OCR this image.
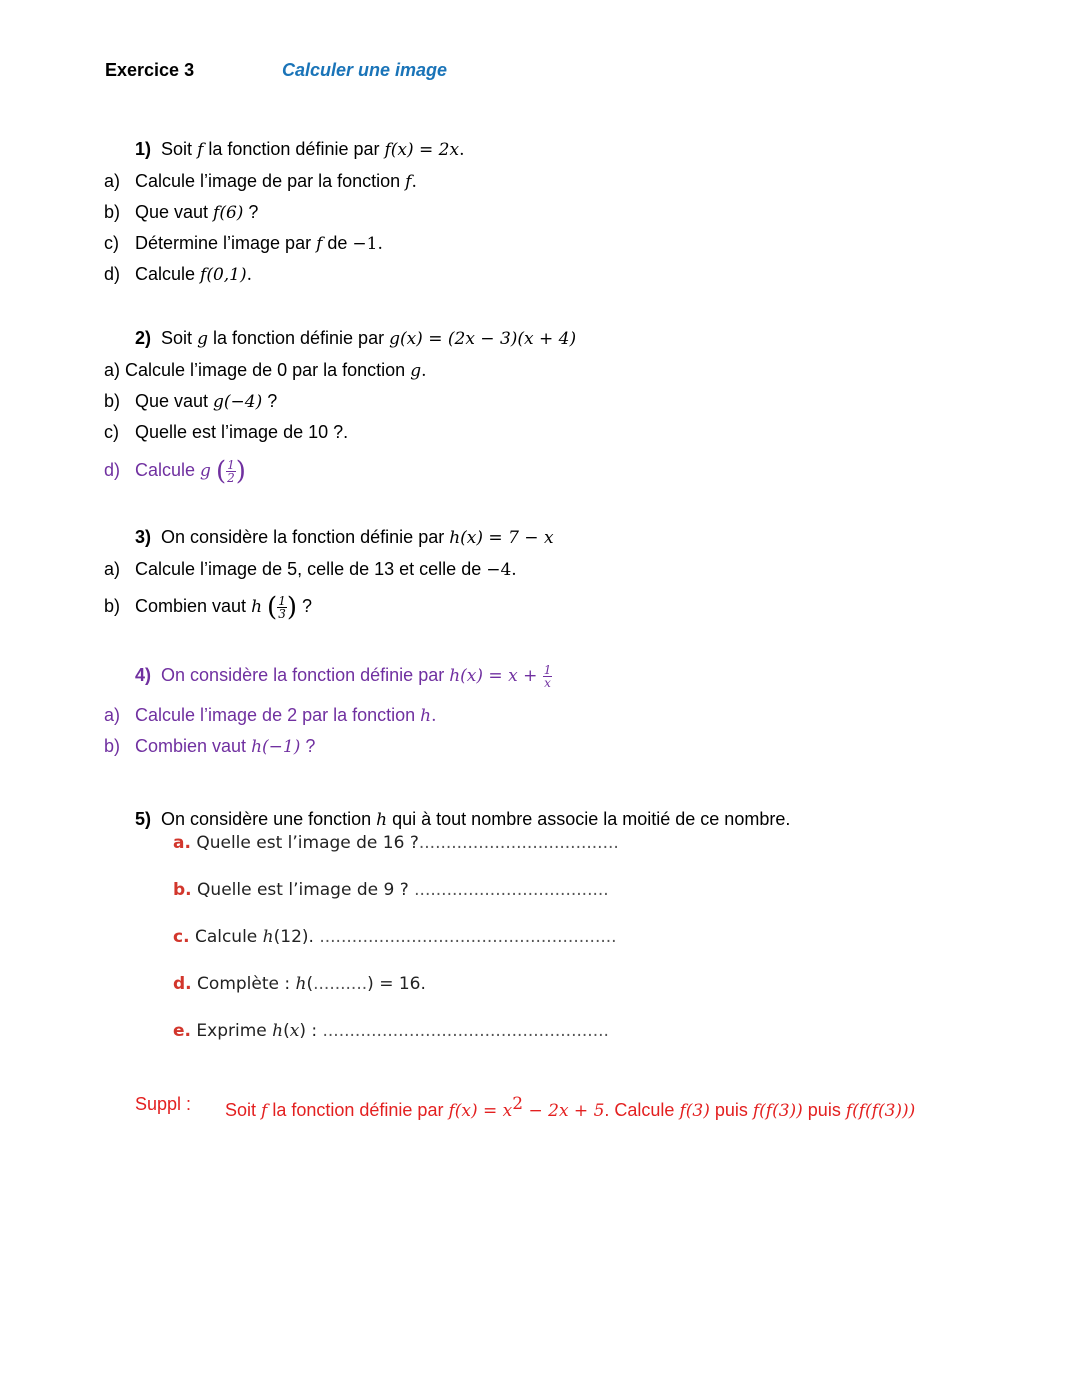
Exercice 3	Calculer une image
1) Soit f la fonction définie par f(x) = 2x.
a) Calcule l’image de par la fonction f.
b) Que vaut f(6) ?
c) Détermine l’image par f de −1.
d) Calcule f(0,1).
2) Soit g la fonction définie par g(x) = (2x − 3)(x + 4)
a) Calcule l’image de 0 par la fonction g.
b) Que vaut g(−4) ?
c) Quelle est l’image de 10 ?.
d) Calcule g ( $\frac{1}{2}$ )
3) On considère la fonction définie par h(x) = 7 − x
a) Calcule l’image de 5, celle de 13 et celle de −4.
b) Combien vaut h ( $\frac{1}{3}$ ) ?
4) On considère la fonction définie par $h(x) = x + \frac{1}{x}$
a) Calcule l’image de 2 par la fonction h.
b) Combien vaut h(−1) ?
5) On considère une fonction h qui à tout nombre associe la moitié de ce nombre.
a. Quelle est l’image de 16 ?.....................................
b. Quelle est l’image de 9 ? ....................................
c. Calcule h(12). .......................................................
d. Complète : h(..........) = 16.
e. Exprime h(x) : .....................................................
Suppl : Soit f la fonction définie par $f(x) = x^2 - 2x + 5$. Calcule f(3) puis f(f(3)) puis f(f(f(3)))
